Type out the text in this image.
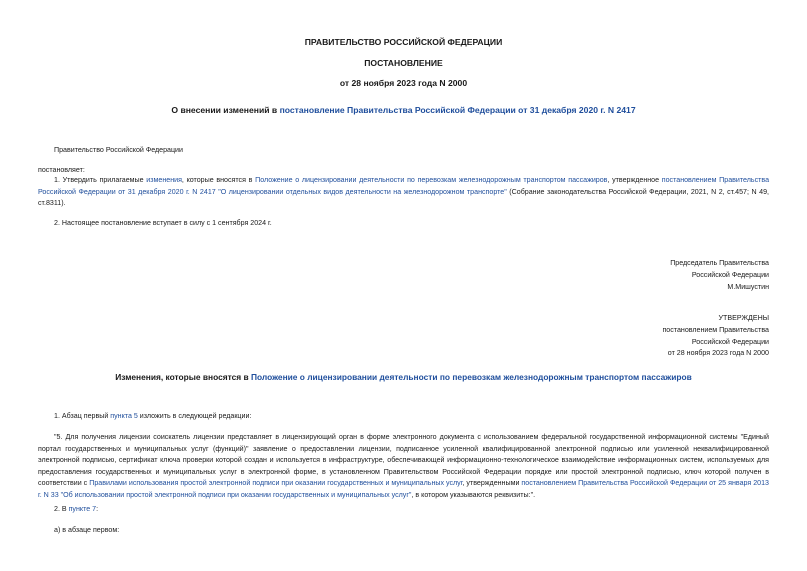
ПРАВИТЕЛЬСТВО РОССИЙСКОЙ ФЕДЕРАЦИИ
ПОСТАНОВЛЕНИЕ
от 28 ноября 2023 года N 2000
О внесении изменений в постановление Правительства Российской Федерации от 31 декабря 2020 г. N 2417
Правительство Российской Федерации
постановляет:
1. Утвердить прилагаемые изменения, которые вносятся в Положение о лицензировании деятельности по перевозкам железнодорожным транспортом пассажиров, утвержденное постановлением Правительства Российской Федерации от 31 декабря 2020 г. N 2417 "О лицензировании отдельных видов деятельности на железнодорожном транспорте" (Собрание законодательства Российской Федерации, 2021, N 2, ст.457; N 49, ст.8311).
2. Настоящее постановление вступает в силу с 1 сентября 2024 г.
Председатель Правительства
Российской Федерации
М.Мишустин
УТВЕРЖДЕНЫ
постановлением Правительства
Российской Федерации
от 28 ноября 2023 года N 2000
Изменения, которые вносятся в Положение о лицензировании деятельности по перевозкам железнодорожным транспортом пассажиров
1. Абзац первый пункта 5 изложить в следующей редакции:
"5. Для получения лицензии соискатель лицензии представляет в лицензирующий орган в форме электронного документа с использованием федеральной государственной информационной системы "Единый портал государственных и муниципальных услуг (функций)" заявление о предоставлении лицензии, подписанное усиленной квалифицированной электронной подписью или усиленной неквалифицированной электронной подписью, сертификат ключа проверки которой создан и используется в инфраструктуре, обеспечивающей информационно-технологическое взаимодействие информационных систем, используемых для предоставления государственных и муниципальных услуг в электронной форме, в установленном Правительством Российской Федерации порядке или простой электронной подписью, ключ которой получен в соответствии с Правилами использования простой электронной подписи при оказании государственных и муниципальных услуг, утвержденными постановлением Правительства Российской Федерации от 25 января 2013 г. N 33 "Об использовании простой электронной подписи при оказании государственных и муниципальных услуг", в котором указываются реквизиты:".
2. В пункте 7:
а) в абзаце первом:
